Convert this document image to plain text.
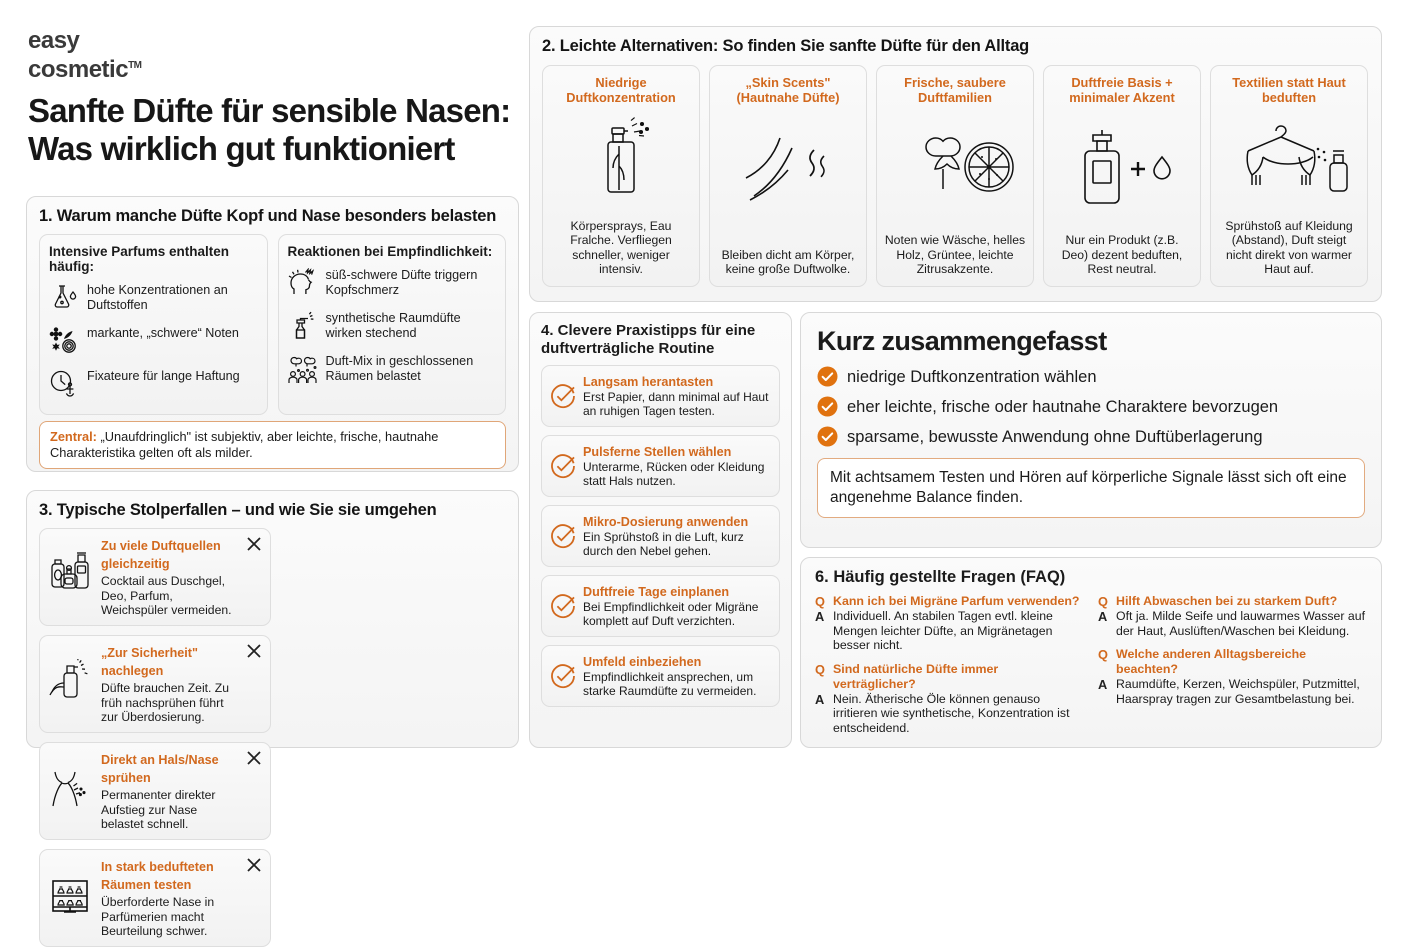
easy
cosmetic™
Sanfte Düfte für sensible Nasen: Was wirklich gut funktioniert
1. Warum manche Düfte Kopf und Nase besonders belasten
Intensive Parfums enthalten häufig:
hohe Konzentrationen an Duftstoffen
markante, „schwere“ Noten
Fixateure für lange Haftung
Reaktionen bei Empfindlichkeit:
süß-schwere Düfte triggern Kopfschmerz
synthetische Raumdüfte wirken stechend
Duft-Mix in geschlossenen Räumen belastet
Zentral: „Unaufdringlich" ist subjektiv, aber leichte, frische, hautnahe Charakteristika gelten oft als milder.
3. Typische Stolperfallen – und wie Sie sie umgehen
Zu viele Duftquellen gleichzeitig
Cocktail aus Duschgel, Deo, Parfum, Weichspüler vermeiden.
„Zur Sicherheit" nachlegen
Düfte brauchen Zeit. Zu früh nachsprühen führt zur Überdosierung.
Direkt an Hals/Nase sprühen
Permanenter direkter Aufstieg zur Nase belastet schnell.
In stark bedufteten Räumen testen
Überforderte Nase in Parfümerien macht Beurteilung schwer.
2. Leichte Alternativen: So finden Sie sanfte Düfte für den Alltag
Niedrige Duftkonzentration
Körpersprays, Eau Fralche. Verfliegen schneller, weniger intensiv.
„Skin Scents" (Hautnahe Düfte)
Bleiben dicht am Körper, keine große Duftwolke.
Frische, saubere Duftfamilien
Noten wie Wäsche, helles Holz, Grüntee, leichte Zitrusakzente.
Duftfreie Basis + minimaler Akzent
Nur ein Produkt (z.B. Deo) dezent beduften, Rest neutral.
Textilien statt Haut beduften
Sprühstoß auf Kleidung (Abstand), Duft steigt nicht direkt von warmer Haut auf.
4. Clevere Praxistipps für eine duftverträgliche Routine
Langsam herantasten
Erst Papier, dann minimal auf Haut an ruhigen Tagen testen.
Pulsferne Stellen wählen
Unterarme, Rücken oder Kleidung statt Hals nutzen.
Mikro-Dosierung anwenden
Ein Sprühstoß in die Luft, kurz durch den Nebel gehen.
Duftfreie Tage einplanen
Bei Empfindlichkeit oder Migräne komplett auf Duft verzichten.
Umfeld einbeziehen
Empfindlichkeit ansprechen, um starke Raumdüfte zu vermeiden.
Kurz zusammengefasst
niedrige Duftkonzentration wählen
eher leichte, frische oder hautnahe Charaktere bevorzugen
sparsame, bewusste Anwendung ohne Duftüberlagerung
Mit achtsamem Testen und Hören auf körperliche Signale lässt sich oft eine angenehme Balance finden.
6. Häufig gestellte Fragen (FAQ)
Q Kann ich bei Migräne Parfum verwenden?
A Individuell. An stabilen Tagen evtl. kleine Mengen leichter Düfte, an Migränetagen besser nicht.
Q Sind natürliche Düfte immer verträglicher?
A Nein. Ätherische Öle können genauso irritieren wie synthetische, Konzentration ist entscheidend.
Q Hilft Abwaschen bei zu starkem Duft?
A Oft ja. Milde Seife und lauwarmes Wasser auf der Haut, Auslüften/Waschen bei Kleidung.
Q Welche anderen Alltagsbereiche beachten?
A Raumdüfte, Kerzen, Weichspüler, Putzmittel, Haarspray tragen zur Gesamtbelastung bei.
